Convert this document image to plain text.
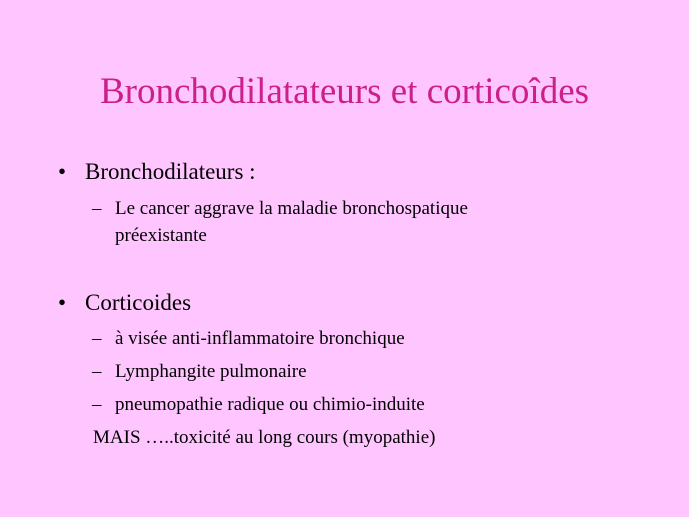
Bronchodilatateurs et corticoîdes
• Bronchodilateurs :
– Le cancer aggrave la maladie bronchospatique
préexistante
• Corticoides
– à visée anti-inflammatoire bronchique
– Lymphangite pulmonaire
– pneumopathie radique ou chimio-induite
MAIS …..toxicité au long cours (myopathie)
